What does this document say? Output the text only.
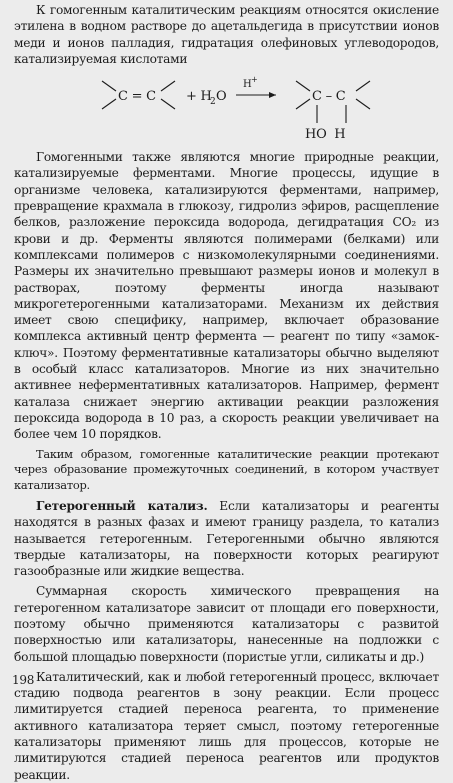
К гомогенным каталитическим реакциям относятся окисление этилена в водном растворе до ацетальдегида в присутствии ионов меди и ионов палладия, гидратация олефиновых углеводородов, катализируемая кислотами

C = C + H
2 O
H +
C – C
HO  H

Гомогенными также являются многие природные реакции, катализируемые ферментами. Многие процессы, идущие в организме человека, катализируются ферментами, например, превращение крахмала в глюкозу, гидролиз эфиров, расщепление белков, разложение пероксида водорода, дегидратация CO₂ из крови и др. Ферменты являются полимерами (белками) или комплексами полимеров с низкомолекулярными соединениями. Размеры их значительно превышают размеры ионов и молекул в растворах, поэтому ферменты иногда называют микрогетерогенными катализаторами. Механизм их действия имеет свою специфику, например, включает образование комплекса активный центр фермента — реагент по типу «замок-ключ». Поэтому ферментативные катализаторы обычно выделяют в особый класс катализаторов. Многие из них значительно активнее неферментативных катализаторов. Например, фермент каталаза снижает энергию активации реакции разложения пероксида водорода в 10 раз, а скорость реакции увеличивает на более чем 10 порядков.

Таким образом, гомогенные каталитические реакции протекают через образование промежуточных соединений, в котором участвует катализатор.

Гетерогенный катализ. Если катализаторы и реагенты находятся в разных фазах и имеют границу раздела, то катализ называется гетерогенным. Гетерогенными обычно являются твердые катализаторы, на поверхности которых реагируют газообразные или жидкие вещества.

Суммарная скорость химического превращения на гетерогенном катализаторе зависит от площади его поверхности, поэтому обычно применяются катализаторы с развитой поверхностью или катализаторы, нанесенные на подложки с большой площадью поверхности (пористые угли, силикаты и др.)

Каталитический, как и любой гетерогенный процесс, включает стадию подвода реагентов в зону реакции. Если процесс лимитируется стадией переноса реагента, то применение активного катализатора теряет смысл, поэтому гетерогенные катализаторы применяют лишь для процессов, которые не лимитируются стадией переноса реагентов или продуктов реакции.

198
